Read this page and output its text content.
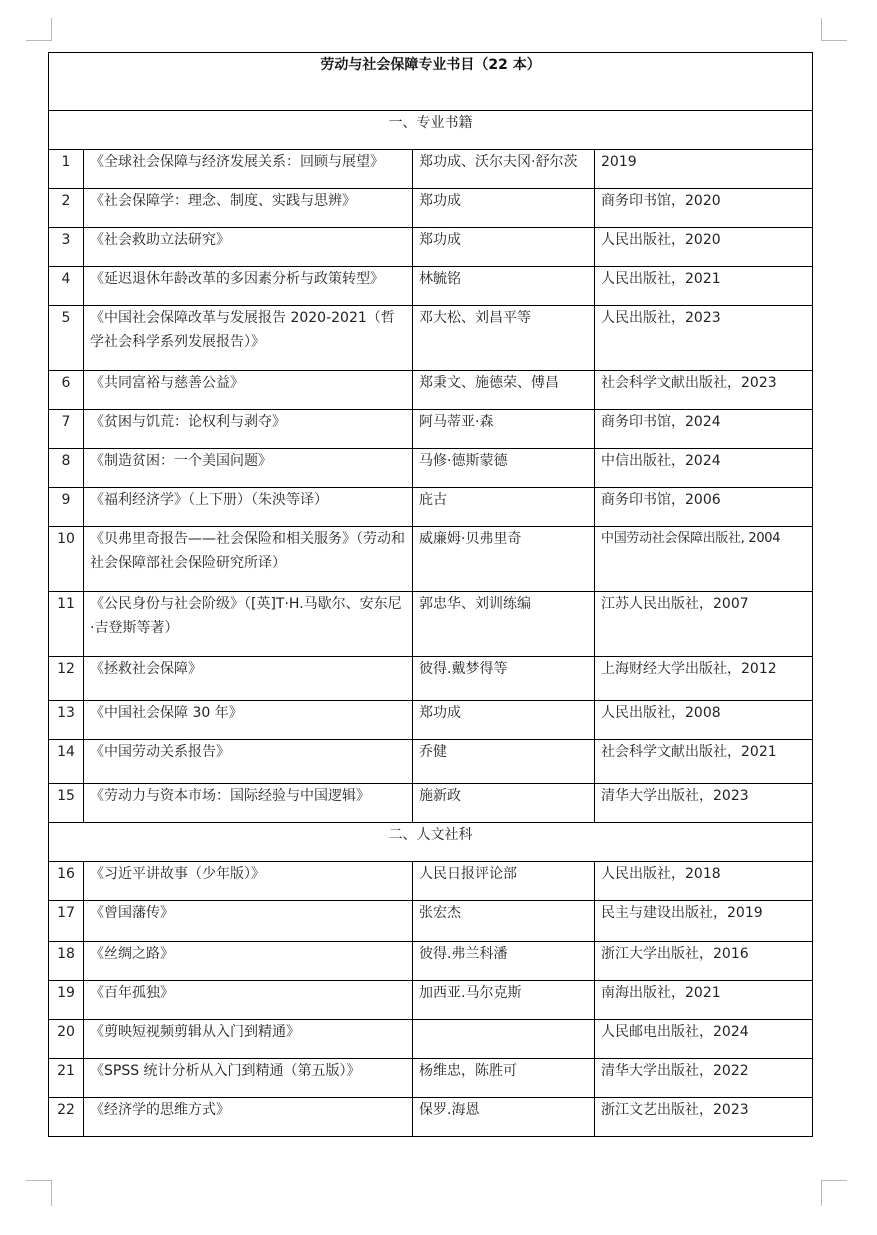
劳动与社会保障专业书目（22 本）			
一、专业书籍			
1	《全球社会保障与经济发展关系：回顾与展望》	郑功成、沃尔夫冈·舒尔茨	2019
2	《社会保障学：理念、制度、实践与思辨》	郑功成	商务印书馆，2020
3	《社会救助立法研究》	郑功成	人民出版社，2020
4	《延迟退休年龄改革的多因素分析与政策转型》	林毓铭	人民出版社，2021
5	《中国社会保障改革与发展报告 2020-2021（哲学社会科学系列发展报告）》	邓大松、刘昌平等	人民出版社，2023
6	《共同富裕与慈善公益》	郑秉文、施德荣、傅昌	社会科学文献出版社，2023
7	《贫困与饥荒：论权利与剥夺》	阿马蒂亚·森	商务印书馆，2024
8	《制造贫困：一个美国问题》	马修·德斯蒙德	中信出版社，2024
9	《福利经济学》（上下册）（朱泱等译）	庇古	商务印书馆，2006
10	《贝弗里奇报告——社会保险和相关服务》（劳动和社会保障部社会保险研究所译）	威廉姆·贝弗里奇	中国劳动社会保障出版社, 2004
11	《公民身份与社会阶级》（[英]T·H.马歇尔、安东尼·吉登斯等著）	郭忠华、刘训练编	江苏人民出版社，2007
12	《拯救社会保障》	彼得.戴梦得等	上海财经大学出版社，2012
13	《中国社会保障 30 年》	郑功成	人民出版社，2008
14	《中国劳动关系报告》	乔健	社会科学文献出版社，2021
15	《劳动力与资本市场：国际经验与中国逻辑》	施新政	清华大学出版社，2023
二、人文社科			
16	《习近平讲故事（少年版）》	人民日报评论部	人民出版社，2018
17	《曾国藩传》	张宏杰	民主与建设出版社，2019
18	《丝绸之路》	彼得.弗兰科潘	浙江大学出版社，2016
19	《百年孤独》	加西亚.马尔克斯	南海出版社，2021
20	《剪映短视频剪辑从入门到精通》		人民邮电出版社，2024
21	《SPSS 统计分析从入门到精通（第五版）》	杨维忠，陈胜可	清华大学出版社，2022
22	《经济学的思维方式》	保罗.海恩	浙江文艺出版社，2023
